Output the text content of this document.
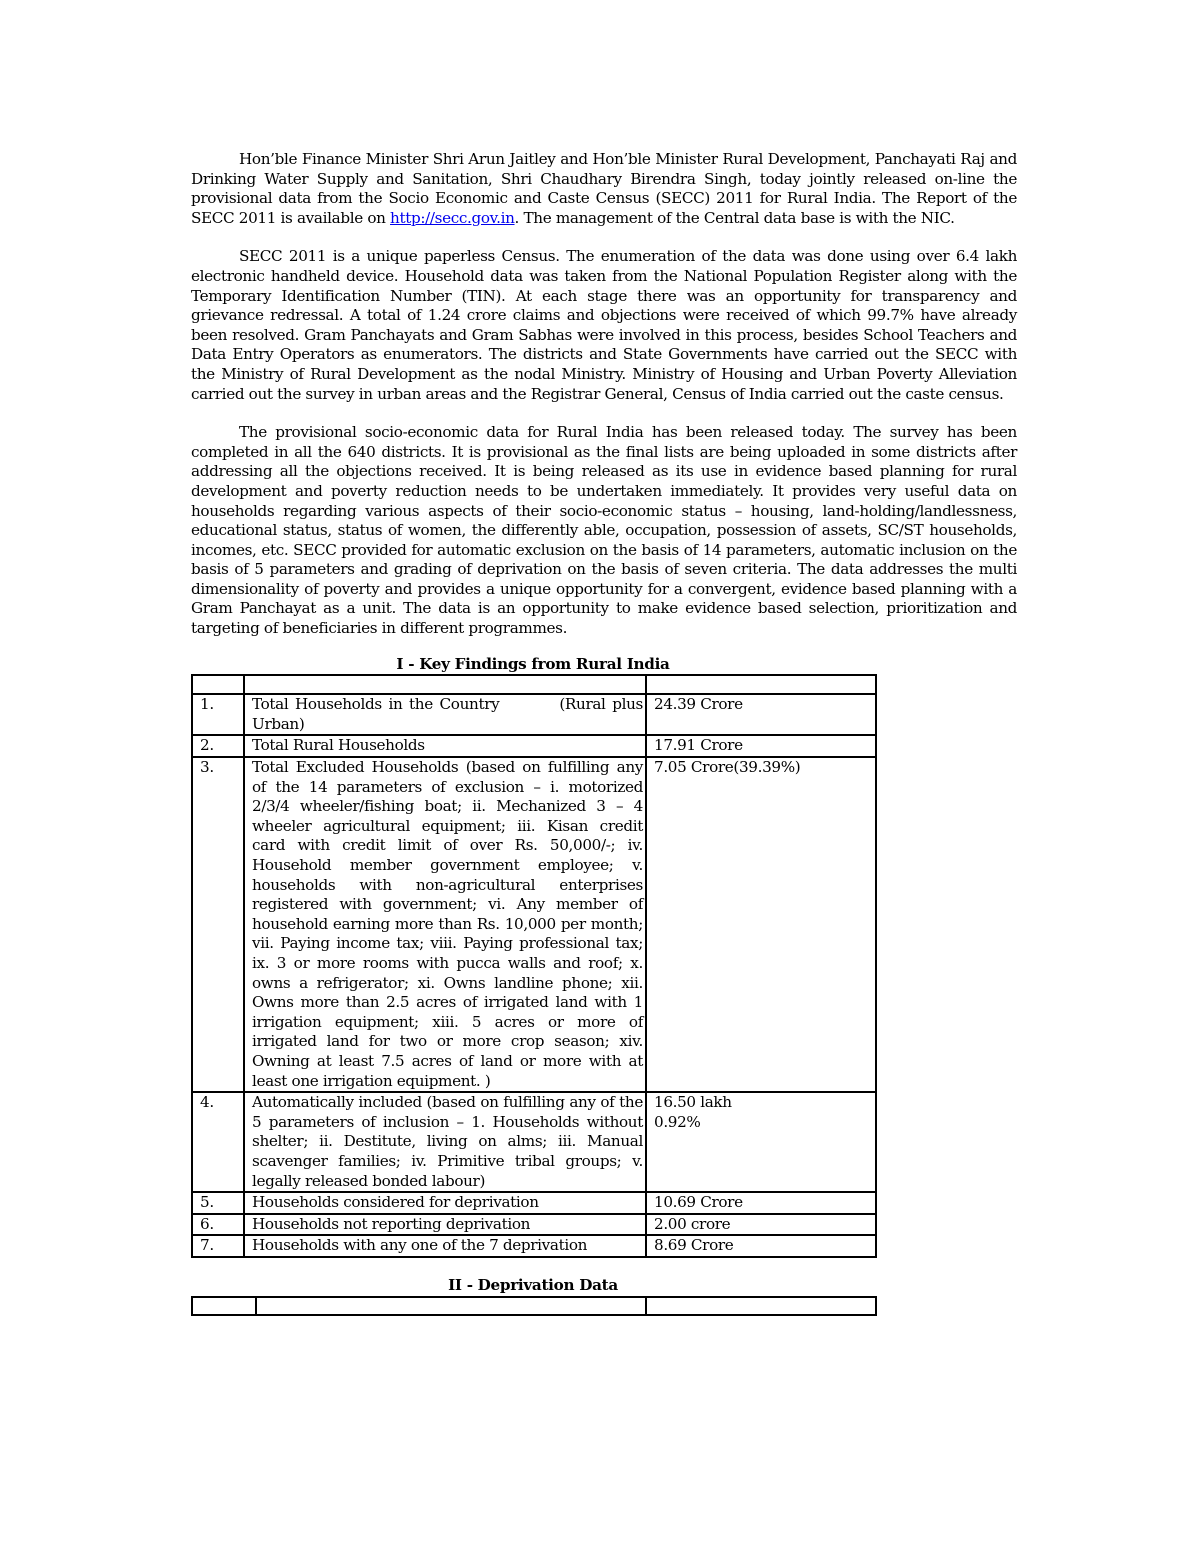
Hon’ble Finance Minister Shri Arun Jaitley and Hon’ble Minister Rural Development, Panchayati Raj and Drinking Water Supply and Sanitation, Shri Chaudhary Birendra Singh, today jointly released on-line the provisional data from the Socio Economic and Caste Census (SECC) 2011 for Rural India. The Report of the SECC 2011 is available on http://secc.gov.in. The management of the Central data base is with the NIC.

SECC 2011 is a unique paperless Census. The enumeration of the data was done using over 6.4 lakh electronic handheld device. Household data was taken from the National Population Register along with the Temporary Identification Number (TIN). At each stage there was an opportunity for transparency and grievance redressal. A total of 1.24 crore claims and objections were received of which 99.7% have already been resolved. Gram Panchayats and Gram Sabhas were involved in this process, besides School Teachers and Data Entry Operators as enumerators. The districts and State Governments have carried out the SECC with the Ministry of Rural Development as the nodal Ministry. Ministry of Housing and Urban Poverty Alleviation carried out the survey in urban areas and the Registrar General, Census of India carried out the caste census.

The provisional socio-economic data for Rural India has been released today. The survey has been completed in all the 640 districts. It is provisional as the final lists are being uploaded in some districts after addressing all the objections received. It is being released as its use in evidence based planning for rural development and poverty reduction needs to be undertaken immediately. It provides very useful data on households regarding various aspects of their socio-economic status – housing, land-holding/landlessness, educational status, status of women, the differently able, occupation, possession of assets, SC/ST households, incomes, etc. SECC provided for automatic exclusion on the basis of 14 parameters, automatic inclusion on the basis of 5 parameters and grading of deprivation on the basis of seven criteria. The data addresses the multi dimensionality of poverty and provides a unique opportunity for a convergent, evidence based planning with a Gram Panchayat as a unit. The data is an opportunity to make evidence based selection, prioritization and targeting of beneficiaries in different programmes.

I - Key Findings from Rural India

1.	Total Households in the Country         (Rural plus Urban)	24.39 Crore
2.	Total Rural Households	17.91 Crore
3.	Total Excluded Households (based on fulfilling any of the 14 parameters of exclusion – i. motorized 2/3/4 wheeler/fishing boat; ii. Mechanized 3 – 4 wheeler agricultural equipment; iii. Kisan credit card with credit limit of over Rs. 50,000/-; iv. Household member government employee; v. households with non-agricultural enterprises registered with government; vi. Any member of household earning more than Rs. 10,000 per month; vii. Paying income tax; viii. Paying professional tax; ix. 3 or more rooms with pucca walls and roof; x. owns a refrigerator; xi. Owns landline phone; xii. Owns more than 2.5 acres of irrigated land with 1 irrigation equipment; xiii. 5 acres or more of irrigated land for two or more crop season; xiv. Owning at least 7.5 acres of land or more with at least one irrigation equipment. )	7.05 Crore(39.39%)
4.	Automatically included (based on fulfilling any of the 5 parameters of inclusion – 1. Households without shelter; ii. Destitute, living on alms; iii. Manual scavenger families; iv. Primitive tribal groups; v. legally released bonded labour)	16.50 lakh
0.92%

5.	Households considered for deprivation	10.69 Crore
6.	Households not reporting deprivation	2.00 crore
7.	Households with any one of the 7 deprivation	8.69 Crore
II - Deprivation Data
